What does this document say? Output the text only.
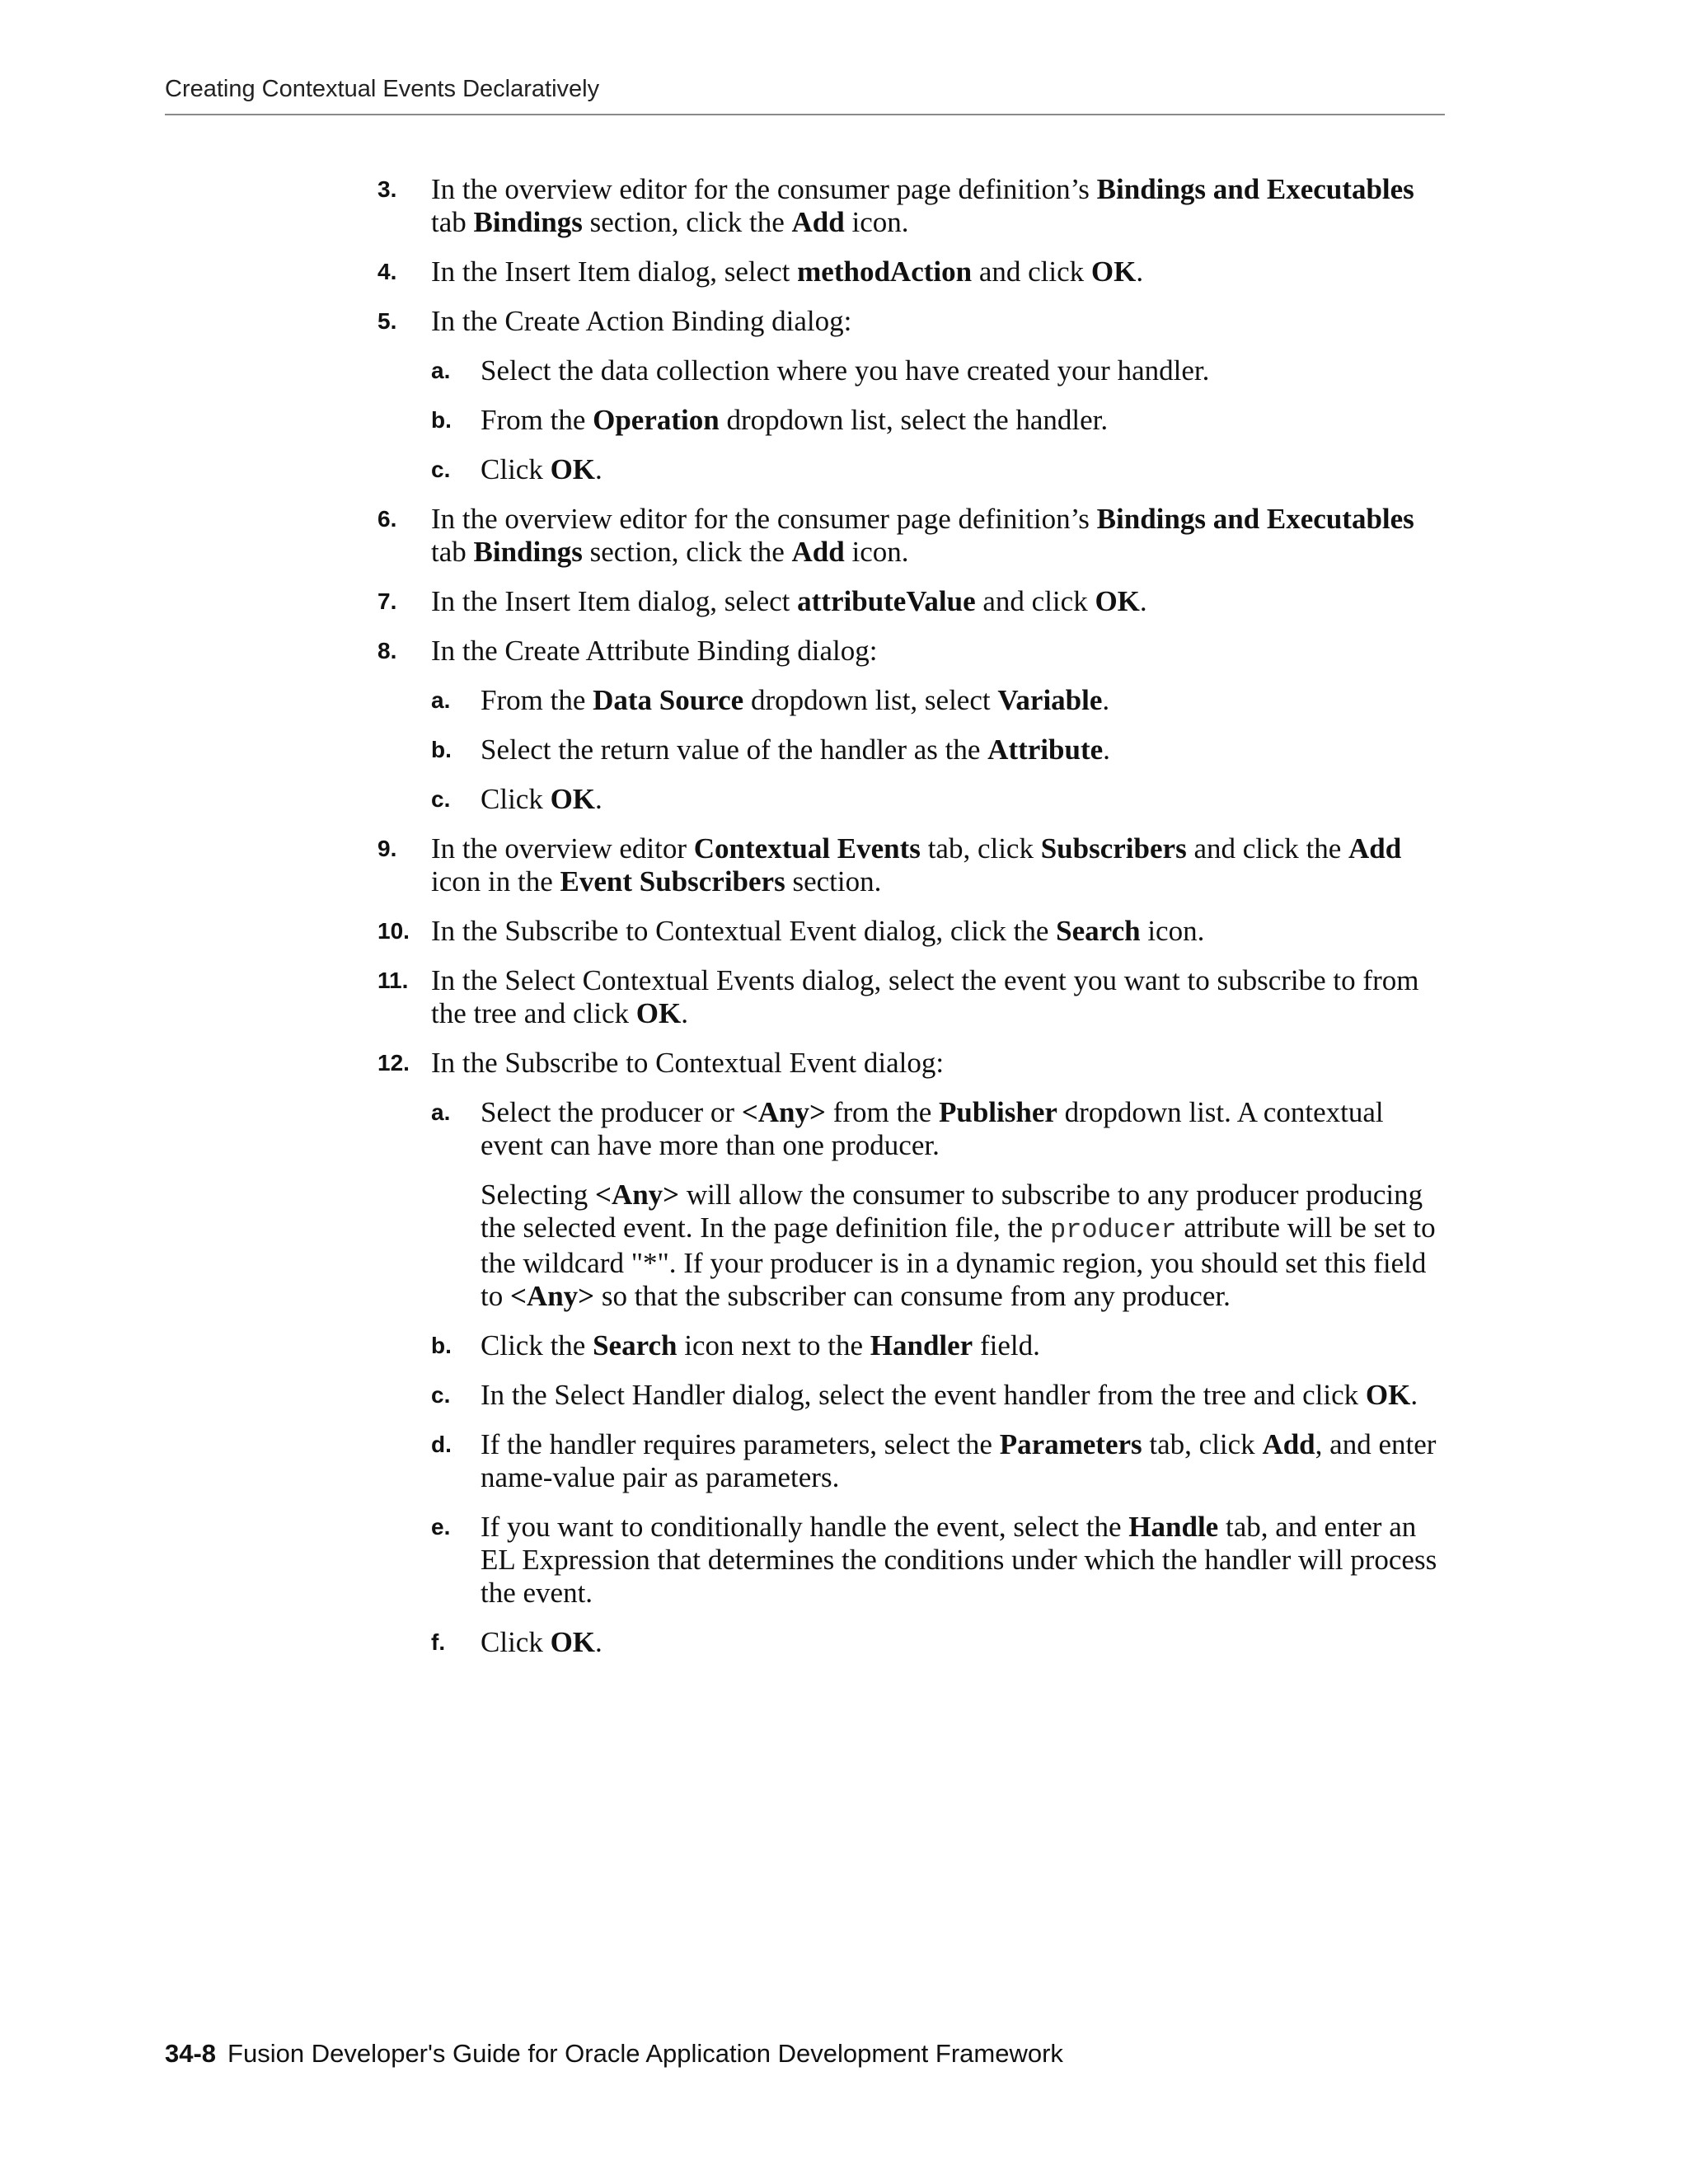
Creating Contextual Events Declaratively
3. In the overview editor for the consumer page definition’s Bindings and Executables tab Bindings section, click the Add icon.
4. In the Insert Item dialog, select methodAction and click OK.
5. In the Create Action Binding dialog:
a. Select the data collection where you have created your handler.
b. From the Operation dropdown list, select the handler.
c. Click OK.
6. In the overview editor for the consumer page definition’s Bindings and Executables tab Bindings section, click the Add icon.
7. In the Insert Item dialog, select attributeValue and click OK.
8. In the Create Attribute Binding dialog:
a. From the Data Source dropdown list, select Variable.
b. Select the return value of the handler as the Attribute.
c. Click OK.
9. In the overview editor Contextual Events tab, click Subscribers and click the Add icon in the Event Subscribers section.
10. In the Subscribe to Contextual Event dialog, click the Search icon.
11. In the Select Contextual Events dialog, select the event you want to subscribe to from the tree and click OK.
12. In the Subscribe to Contextual Event dialog:
a. Select the producer or <Any> from the Publisher dropdown list. A contextual event can have more than one producer.
Selecting <Any> will allow the consumer to subscribe to any producer producing the selected event. In the page definition file, the producer attribute will be set to the wildcard "*". If your producer is in a dynamic region, you should set this field to <Any> so that the subscriber can consume from any producer.
b. Click the Search icon next to the Handler field.
c. In the Select Handler dialog, select the event handler from the tree and click OK.
d. If the handler requires parameters, select the Parameters tab, click Add, and enter name-value pair as parameters.
e. If you want to conditionally handle the event, select the Handle tab, and enter an EL Expression that determines the conditions under which the handler will process the event.
f. Click OK.
34-8 Fusion Developer's Guide for Oracle Application Development Framework
